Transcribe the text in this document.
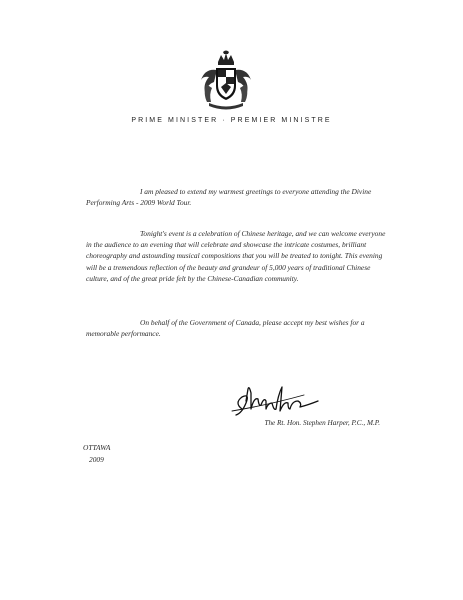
PRIME MINISTER · PREMIER MINISTRE
I am pleased to extend my warmest greetings to everyone attending the Divine Performing Arts - 2009 World Tour.
Tonight's event is a celebration of Chinese heritage, and we can welcome everyone in the audience to an evening that will celebrate and showcase the intricate costumes, brilliant choreography and astounding musical compositions that you will be treated to tonight. This evening will be a tremendous reflection of the beauty and grandeur of 5,000 years of traditional Chinese culture, and of the great pride felt by the Chinese-Canadian community.
On behalf of the Government of Canada, please accept my best wishes for a memorable performance.
The Rt. Hon. Stephen Harper, P.C., M.P.
OTTAWA
2009
